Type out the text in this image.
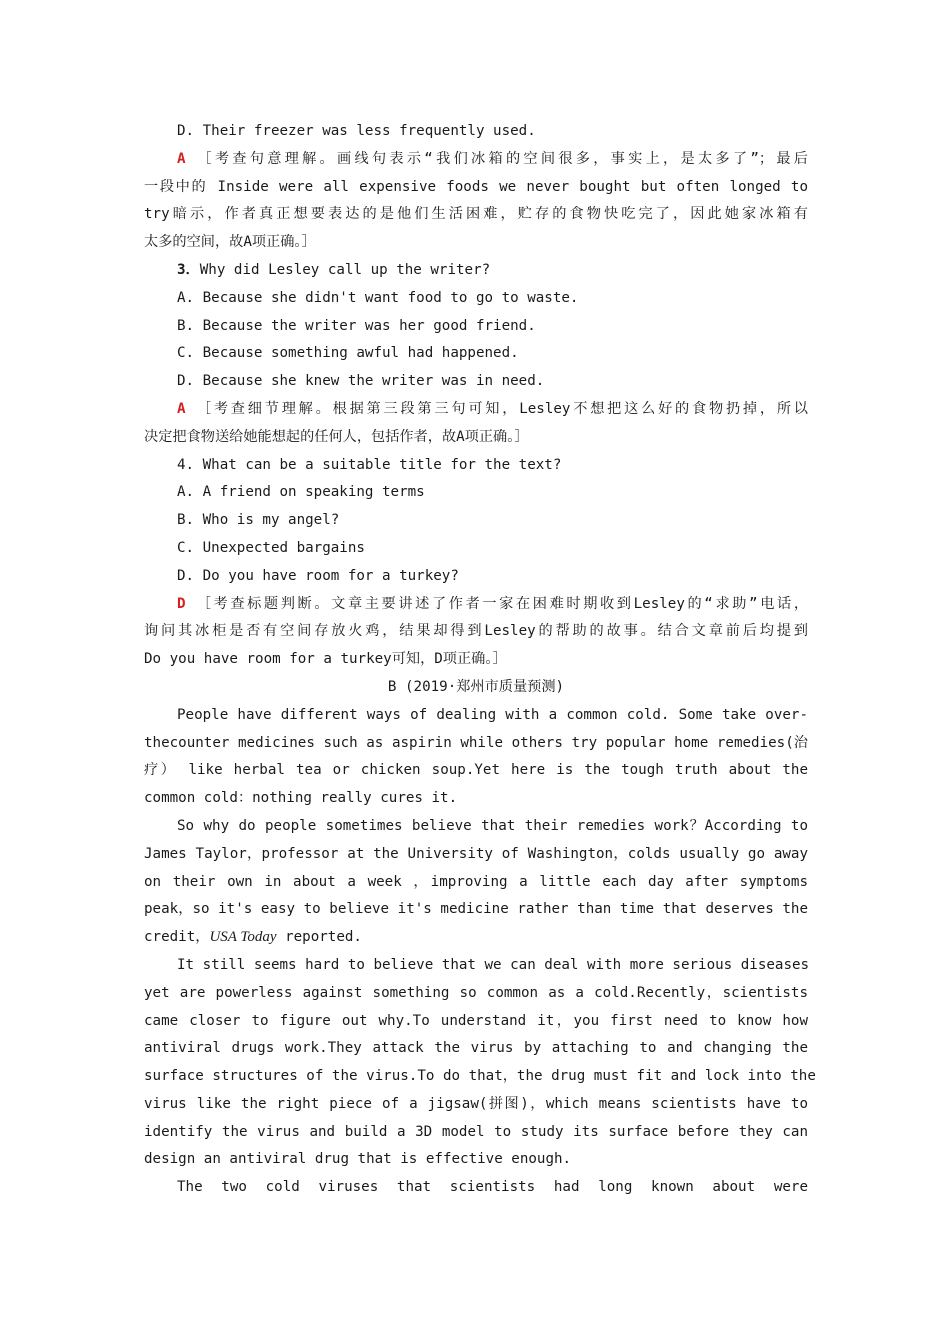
D. Their freezer was less frequently used.
A ［考查句意理解。画线句表示“我们冰箱的空间很多，事实上，是太多了”；最后
一段中的 Inside were all expensive foods we never bought but often longed to
try暗示，作者真正想要表达的是他们生活困难，贮存的食物快吃完了，因此她家冰箱有
太多的空间，故A项正确。］
3．Why did Lesley call up the writer?
A. Because she didn't want food to go to waste.
B. Because the writer was her good friend.
C. Because something awful had happened.
D. Because she knew the writer was in need.
A ［考查细节理解。根据第三段第三句可知，Lesley不想把这么好的食物扔掉，所以
决定把食物送给她能想起的任何人，包括作者，故A项正确。］
4. What can be a suitable title for the text?
A. A friend on speaking terms
B. Who is my angel?
C. Unexpected bargains
D. Do you have room for a turkey?
D ［考查标题判断。文章主要讲述了作者一家在困难时期收到Lesley的“求助”电话，
询问其冰柜是否有空间存放火鸡，结果却得到Lesley的帮助的故事。结合文章前后均提到
Do you have room for a turkey可知，D项正确。］
B (2019·郑州市质量预测)
People have different ways of dealing with a common cold. Some take over-
thecounter medicines such as aspirin while others try popular home remedies(治
疗） like herbal tea or chicken soup.Yet here is the tough truth about the
common cold：nothing really cures it.
So why do people sometimes believe that their remedies work？According to
James Taylor，professor at the University of Washington，colds usually go away
on their own in about a week ，improving a little each day after symptoms
peak，so it's easy to believe it's medicine rather than time that deserves the
credit，USA Today reported.
It still seems hard to believe that we can deal with more serious diseases
yet are powerless against something so common as a cold.Recently，scientists
came closer to figure out why.To understand it，you first need to know how
antiviral drugs work.They attack the virus by attaching to and changing the
surface structures of the virus.To do that，the drug must fit and lock into the
virus like the right piece of a jigsaw(拼图)，which means scientists have to
identify the virus and build a 3D model to study its surface before they can
design an antiviral drug that is effective enough.
The two cold viruses that scientists had long known about were
